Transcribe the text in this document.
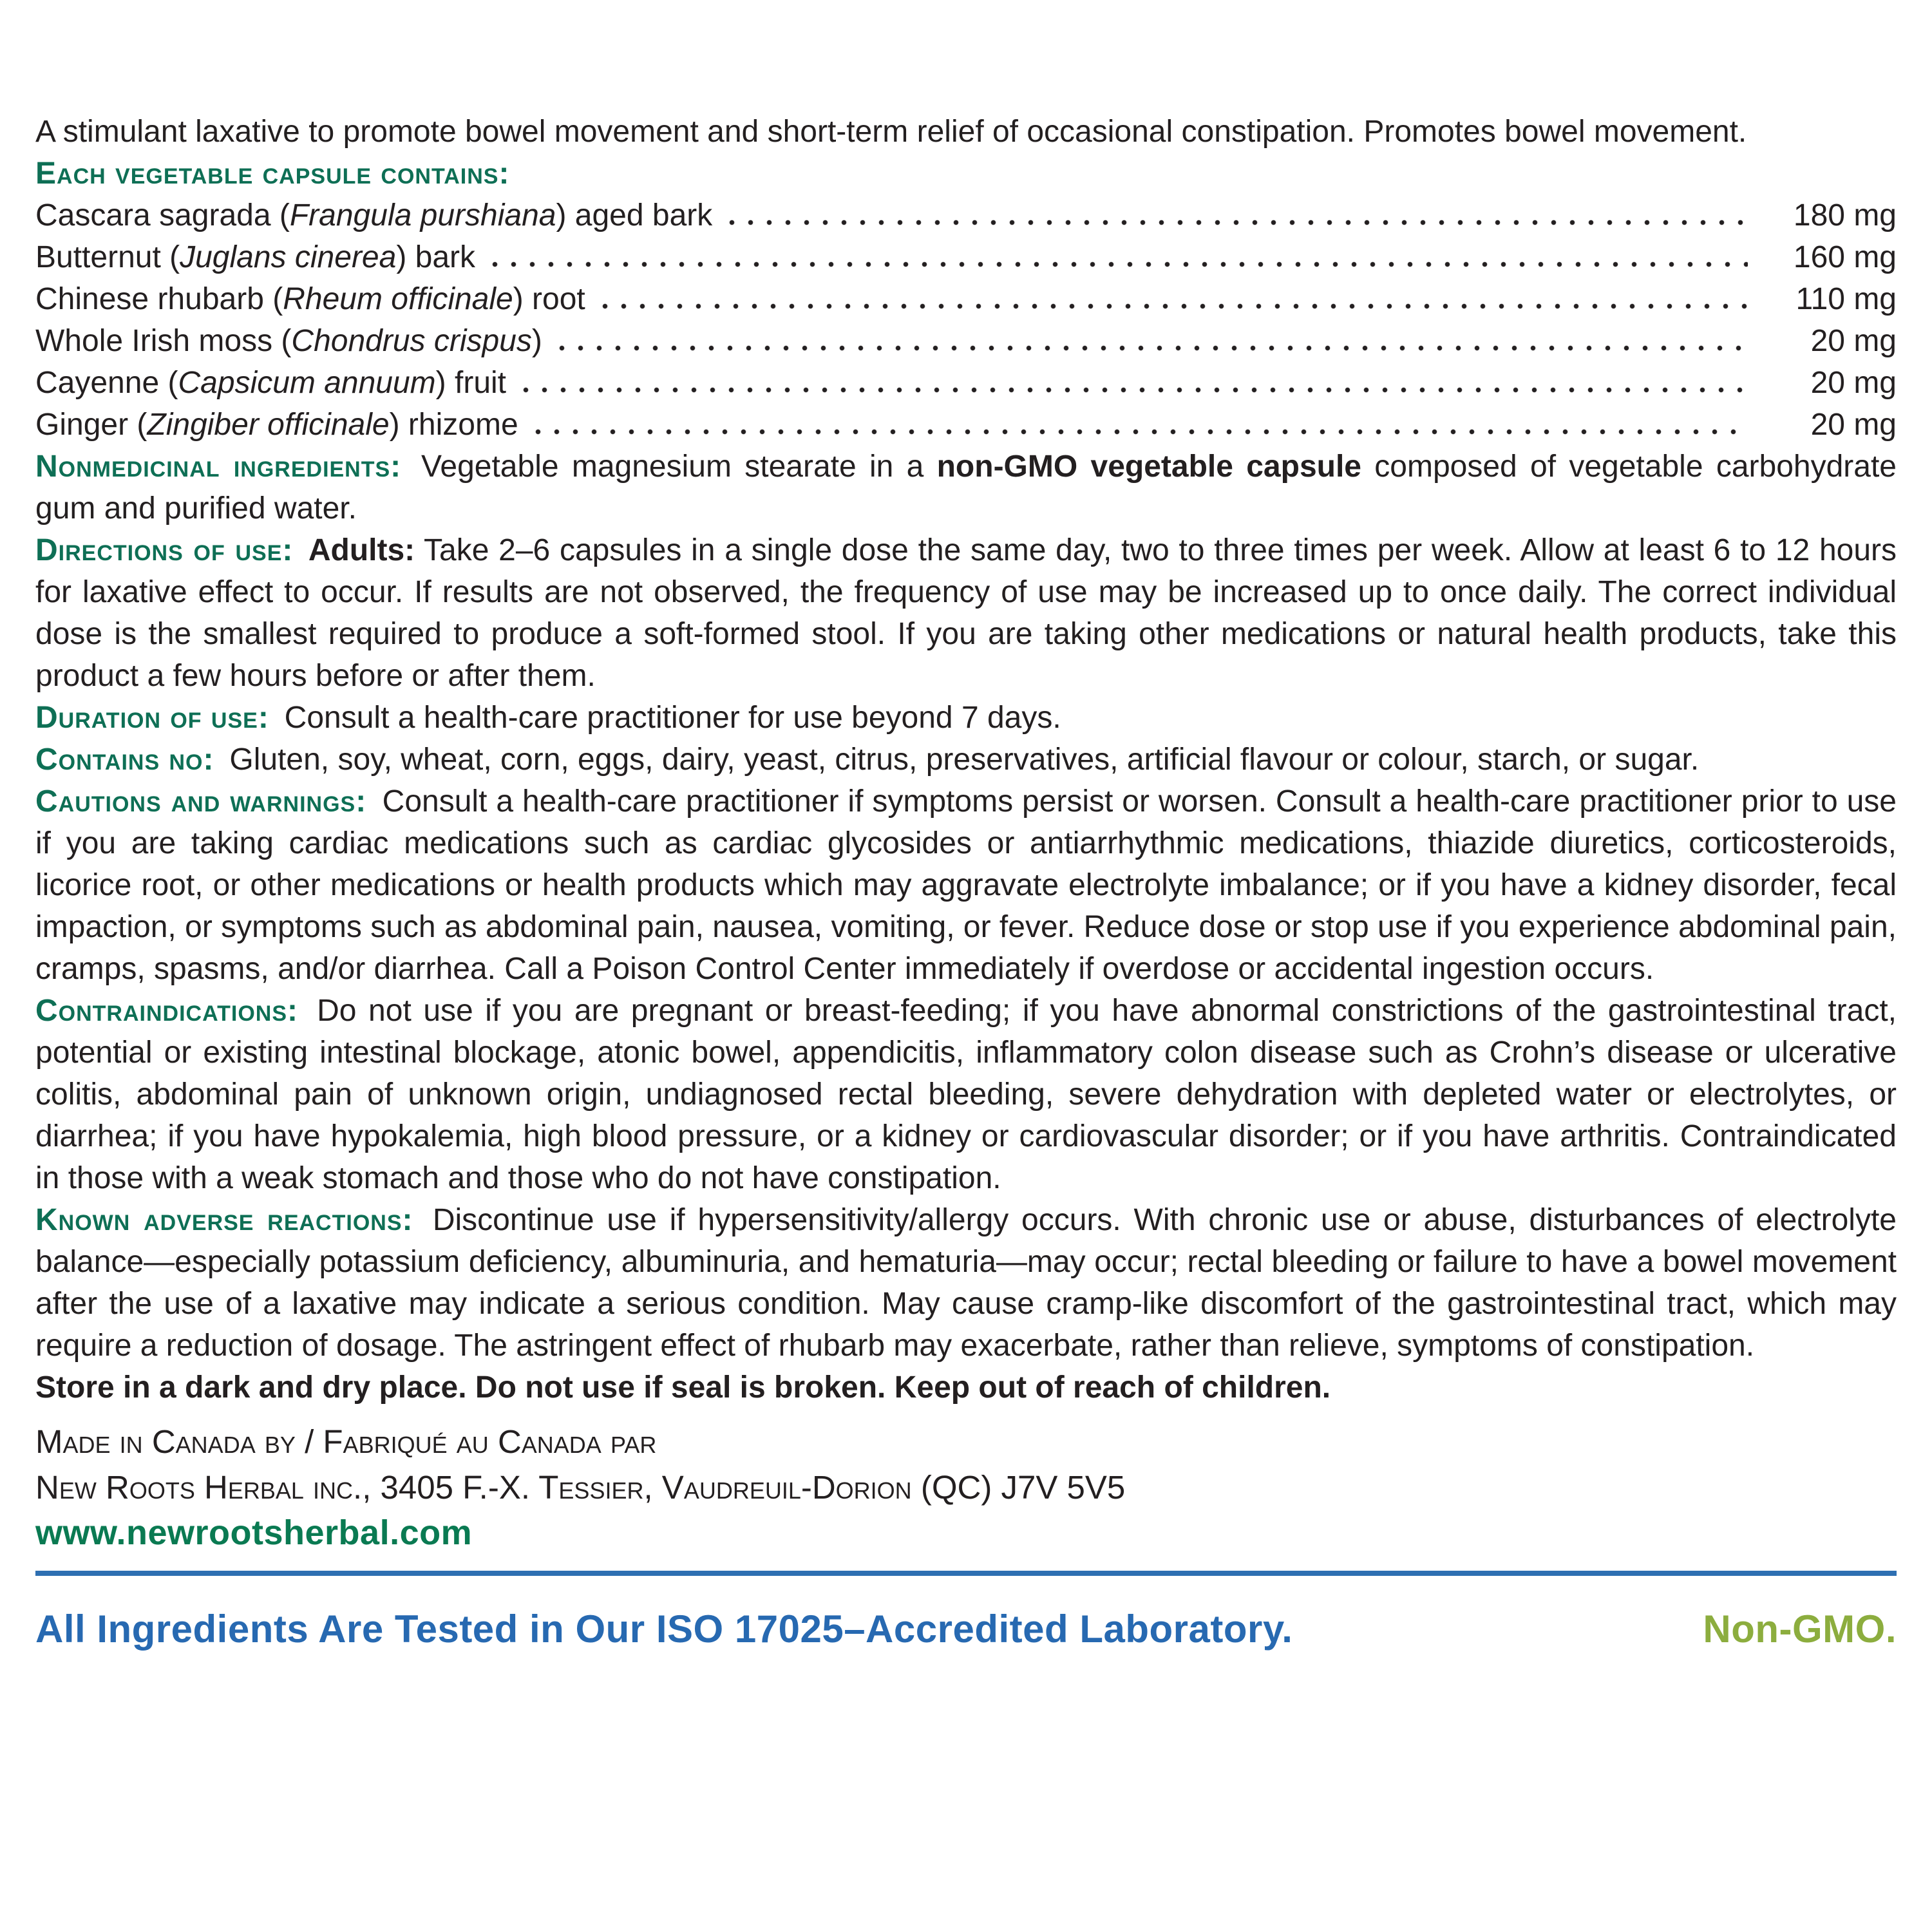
A stimulant laxative to promote bowel movement and short-term relief of occasional constipation. Promotes bowel movement.

Each vegetable capsule contains:

Cascara sagrada (Frangula purshiana) aged bark	180 mg
Butternut (Juglans cinerea) bark	160 mg
Chinese rhubarb (Rheum officinale) root	110 mg
Whole Irish moss (Chondrus crispus)	20 mg
Cayenne (Capsicum annuum) fruit	20 mg
Ginger (Zingiber officinale) rhizome	20 mg

Nonmedicinal ingredients: Vegetable magnesium stearate in a non-GMO vegetable capsule composed of vegetable carbohydrate gum and purified water.

Directions of use: Adults: Take 2–6 capsules in a single dose the same day, two to three times per week. Allow at least 6 to 12 hours for laxative effect to occur. If results are not observed, the frequency of use may be increased up to once daily. The correct individual dose is the smallest required to produce a soft-formed stool. If you are taking other medications or natural health products, take this product a few hours before or after them.

Duration of use: Consult a health-care practitioner for use beyond 7 days.

Contains no: Gluten, soy, wheat, corn, eggs, dairy, yeast, citrus, preservatives, artificial flavour or colour, starch, or sugar.

Cautions and warnings: Consult a health-care practitioner if symptoms persist or worsen. Consult a health-care practitioner prior to use if you are taking cardiac medications such as cardiac glycosides or antiarrhythmic medications, thiazide diuretics, corticosteroids, licorice root, or other medications or health products which may aggravate electrolyte imbalance; or if you have a kidney disorder, fecal impaction, or symptoms such as abdominal pain, nausea, vomiting, or fever. Reduce dose or stop use if you experience abdominal pain, cramps, spasms, and/or diarrhea. Call a Poison Control Center immediately if overdose or accidental ingestion occurs.

Contraindications: Do not use if you are pregnant or breast-feeding; if you have abnormal constrictions of the gastrointestinal tract, potential or existing intestinal blockage, atonic bowel, appendicitis, inflammatory colon disease such as Crohn’s disease or ulcerative colitis, abdominal pain of unknown origin, undiagnosed rectal bleeding, severe dehydration with depleted water or electrolytes, or diarrhea; if you have hypokalemia, high blood pressure, or a kidney or cardiovascular disorder; or if you have arthritis. Contraindicated in those with a weak stomach and those who do not have constipation.

Known adverse reactions: Discontinue use if hypersensitivity/allergy occurs. With chronic use or abuse, disturbances of electrolyte balance—especially potassium deficiency, albuminuria, and hematuria—may occur; rectal bleeding or failure to have a bowel movement after the use of a laxative may indicate a serious condition. May cause cramp-like discomfort of the gastrointestinal tract, which may require a reduction of dosage. The astringent effect of rhubarb may exacerbate, rather than relieve, symptoms of constipation.

Store in a dark and dry place. Do not use if seal is broken. Keep out of reach of children.

Made in Canada by / Fabriqué au Canada par

New Roots Herbal inc., 3405 F.-X. Tessier, Vaudreuil-Dorion (QC) J7V 5V5

www.newrootsherbal.com

All Ingredients Are Tested in Our ISO 17025–Accredited Laboratory.	Non-GMO.
